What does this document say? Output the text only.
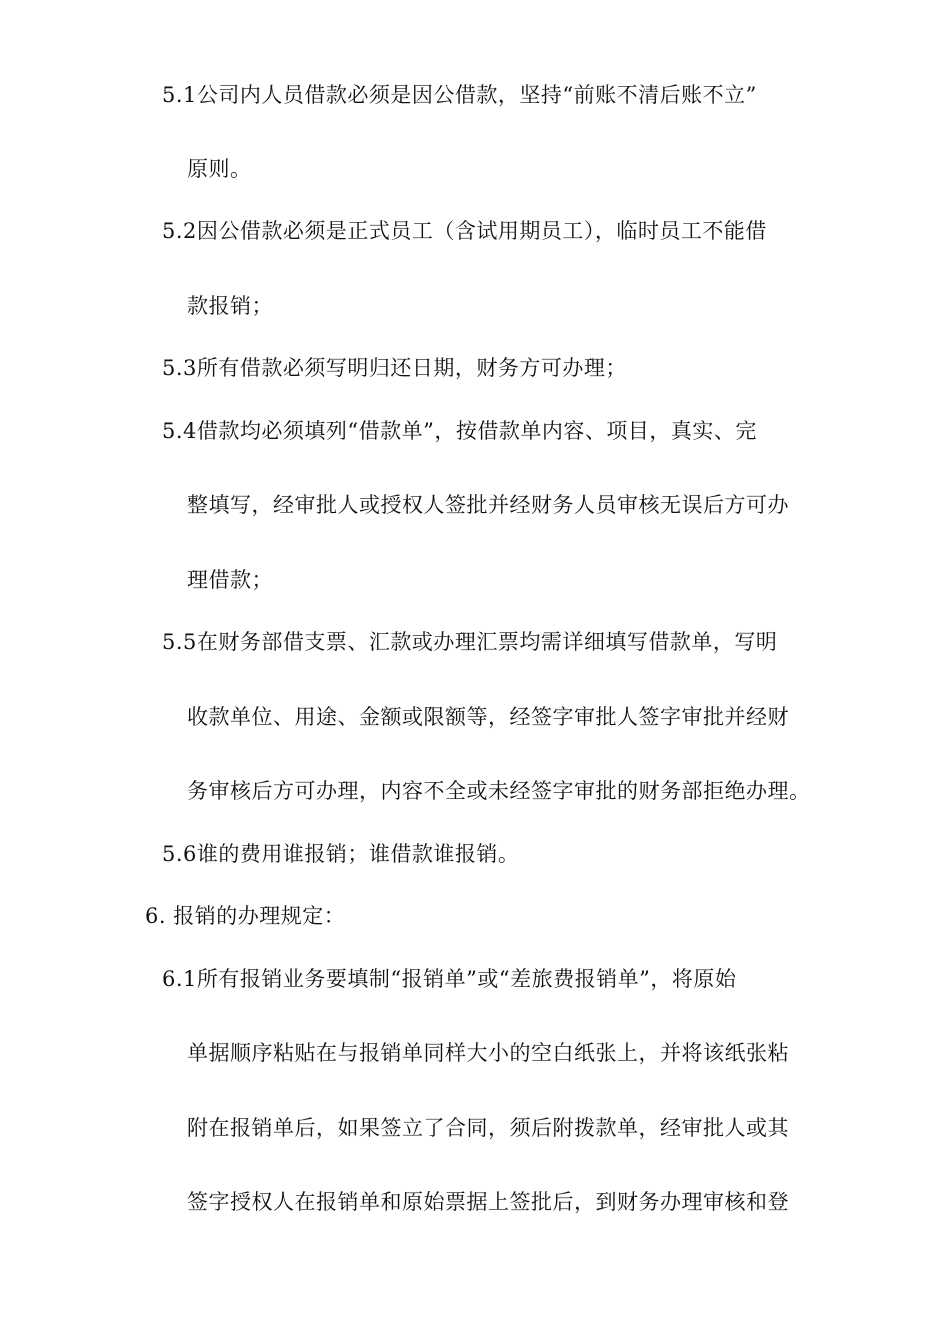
5.1公司内人员借款必须是因公借款，坚持“前账不清后账不立”
原则。
5.2因公借款必须是正式员工（含试用期员工），临时员工不能借
款报销；
5.3所有借款必须写明归还日期，财务方可办理；
5.4借款均必须填列“借款单”，按借款单内容、项目，真实、完
整填写，经审批人或授权人签批并经财务人员审核无误后方可办
理借款；
5.5在财务部借支票、汇款或办理汇票均需详细填写借款单，写明
收款单位、用途、金额或限额等，经签字审批人签字审批并经财
务审核后方可办理，内容不全或未经签字审批的财务部拒绝办理。
5.6谁的费用谁报销；谁借款谁报销。
6. 报销的办理规定：
6.1所有报销业务要填制“报销单”或“差旅费报销单”，将原始
单据顺序粘贴在与报销单同样大小的空白纸张上，并将该纸张粘
附在报销单后，如果签立了合同，须后附拨款单，经审批人或其
签字授权人在报销单和原始票据上签批后，到财务办理审核和登
